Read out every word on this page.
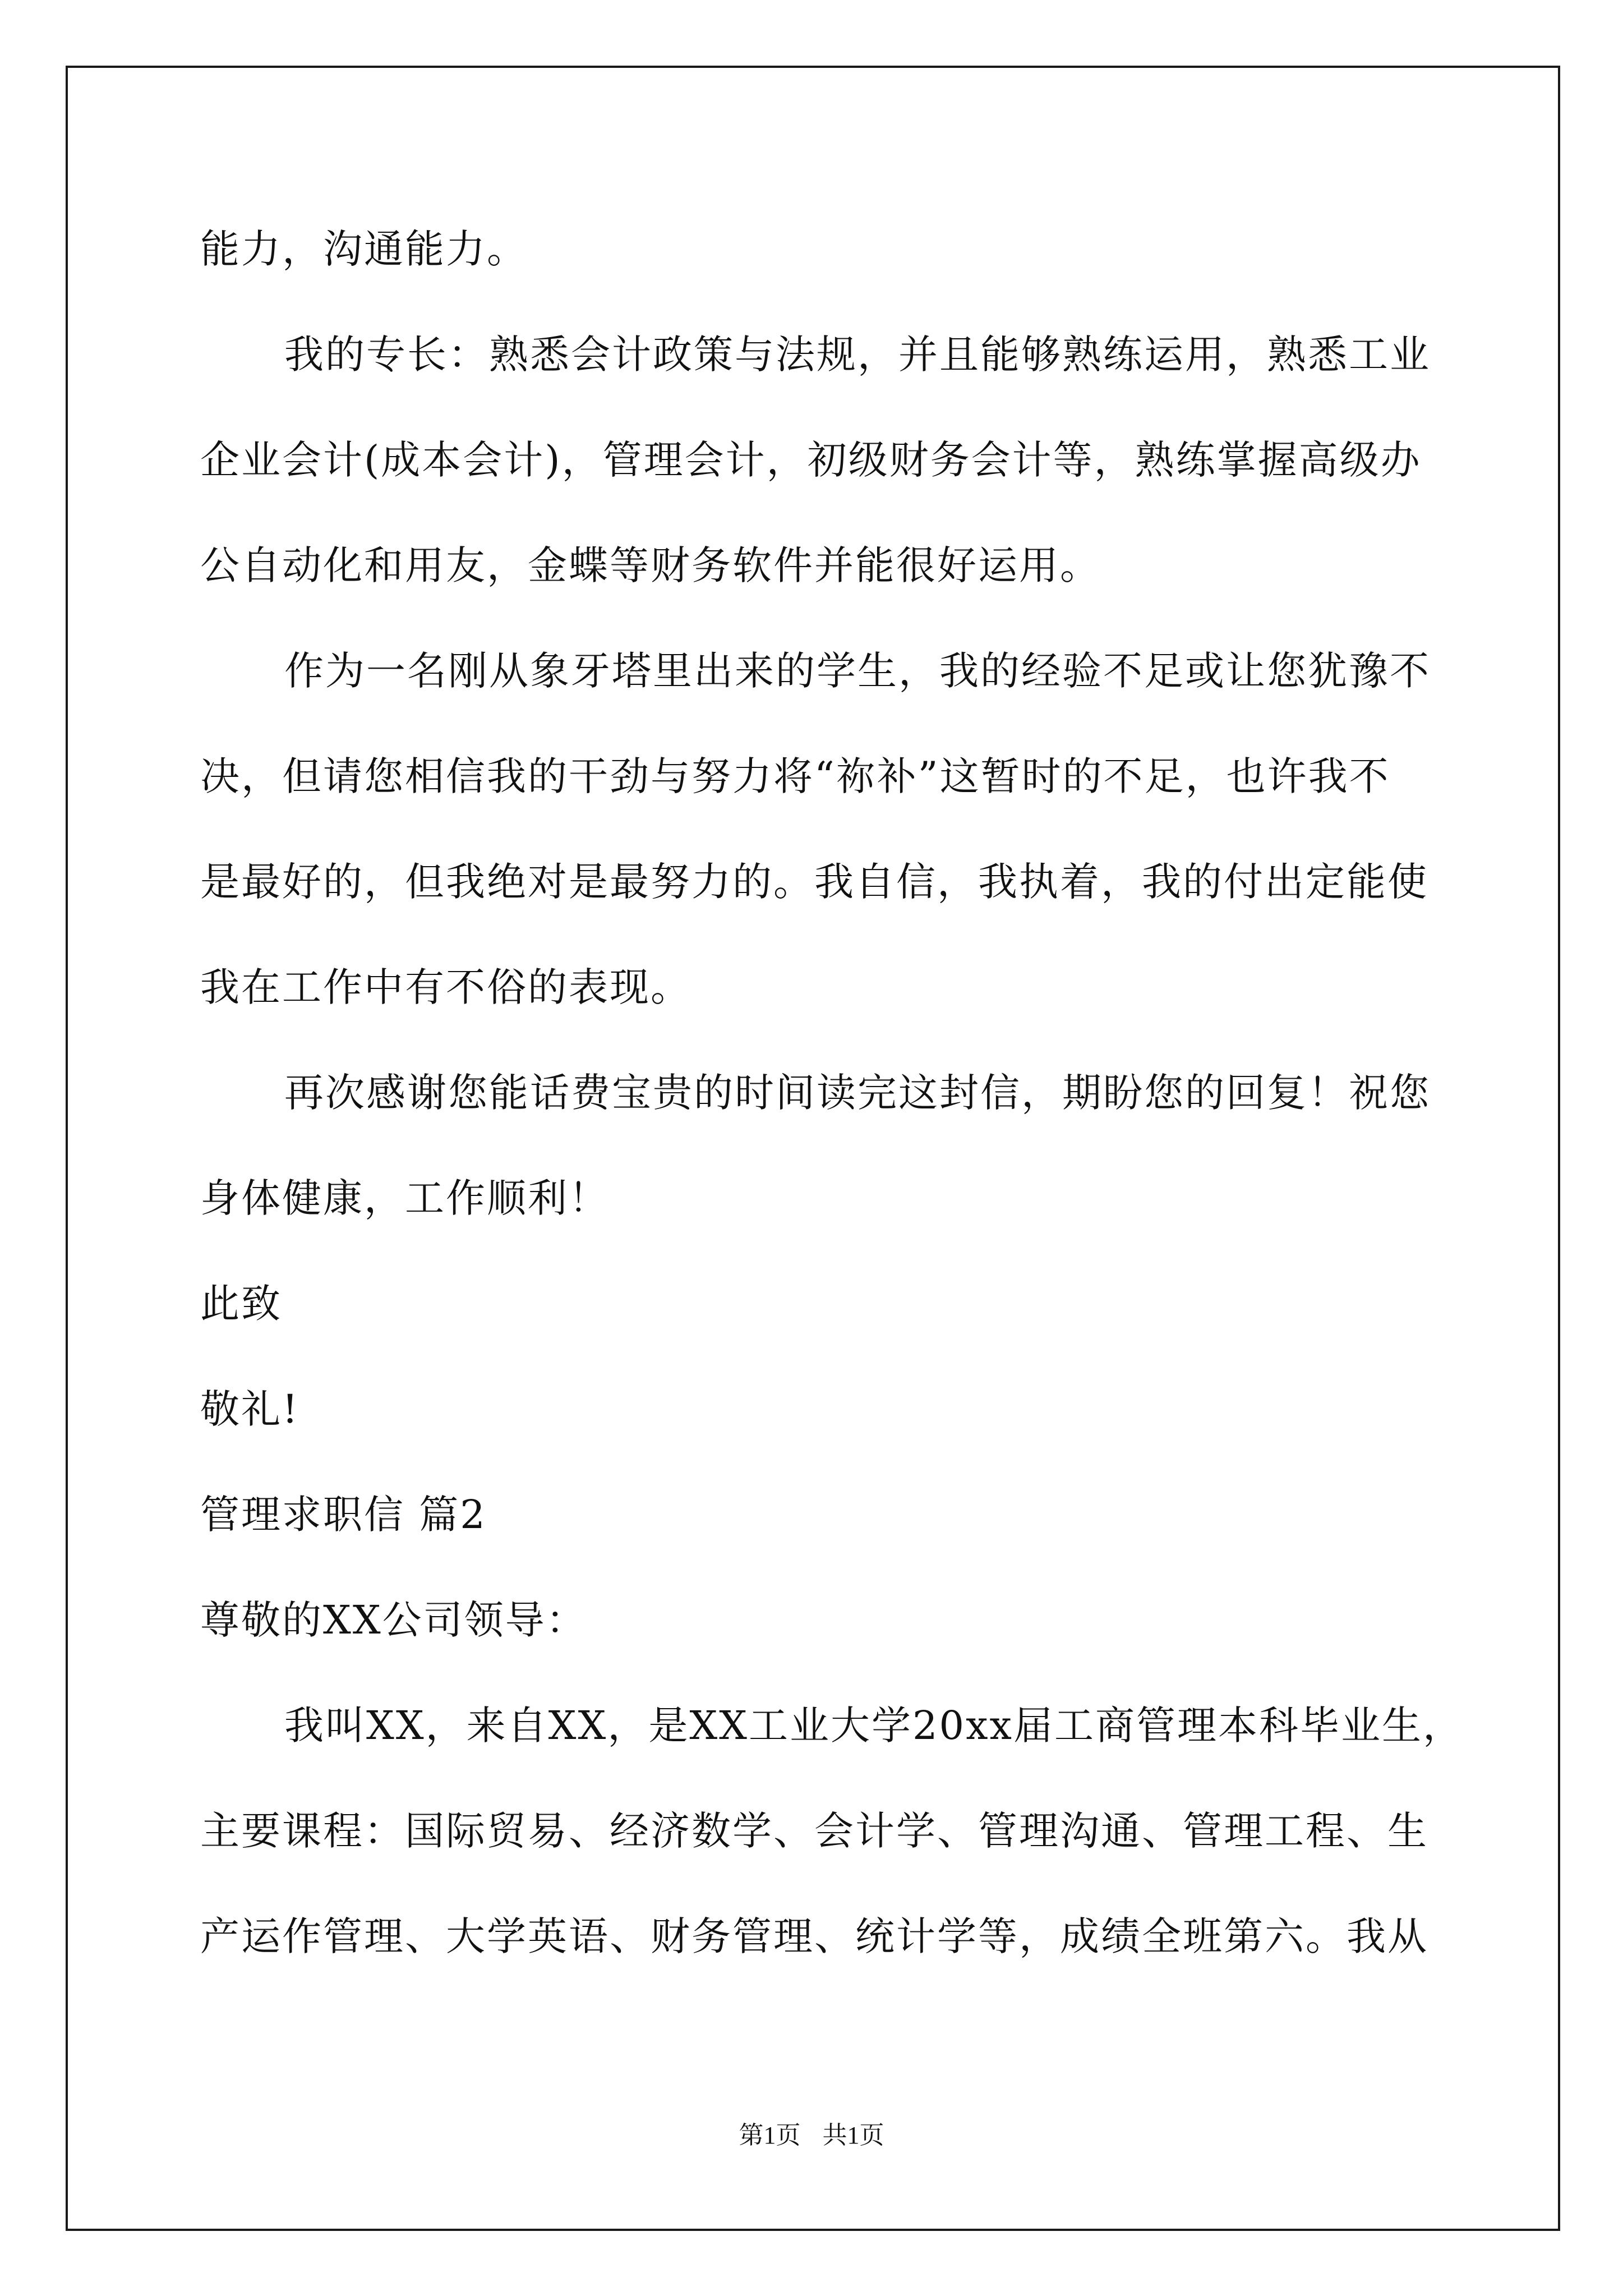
能力，沟通能力。
我的专长：熟悉会计政策与法规，并且能够熟练运用，熟悉工业
企业会计(成本会计)，管理会计，初级财务会计等，熟练掌握高级办
公自动化和用友，金蝶等财务软件并能很好运用。
作为一名刚从象牙塔里出来的学生，我的经验不足或让您犹豫不
决，但请您相信我的干劲与努力将“祢补”这暂时的不足，也许我不
是最好的，但我绝对是最努力的。我自信，我执着，我的付出定能使
我在工作中有不俗的表现。
再次感谢您能话费宝贵的时间读完这封信，期盼您的回复！祝您
身体健康，工作顺利！
此致
敬礼!
管理求职信 篇2
尊敬的XX公司领导：
我叫XX，来自XX，是XX工业大学20xx届工商管理本科毕业生，
主要课程：国际贸易、经济数学、会计学、管理沟通、管理工程、生
产运作管理、大学英语、财务管理、统计学等，成绩全班第六。我从
第1页 共1页
